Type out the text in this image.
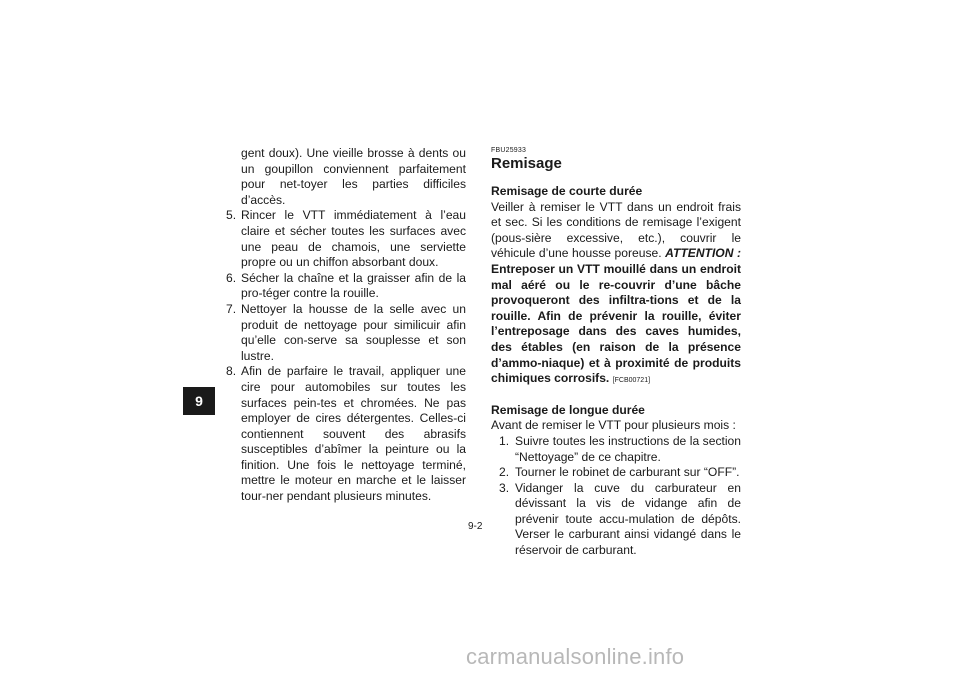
9
gent doux). Une vieille brosse à dents ou un goupillon conviennent parfaitement pour net-toyer les parties difficiles d’accès.
5. Rincer le VTT immédiatement à l’eau claire et sécher toutes les surfaces avec une peau de chamois, une serviette propre ou un chiffon absorbant doux.
6. Sécher la chaîne et la graisser afin de la pro-téger contre la rouille.
7. Nettoyer la housse de la selle avec un produit de nettoyage pour similicuir afin qu’elle con-serve sa souplesse et son lustre.
8. Afin de parfaire le travail, appliquer une cire pour automobiles sur toutes les surfaces pein-tes et chromées. Ne pas employer de cires détergentes. Celles-ci contiennent souvent des abrasifs susceptibles d’abîmer la peinture ou la finition. Une fois le nettoyage terminé, mettre le moteur en marche et le laisser tour-ner pendant plusieurs minutes.
FBU25933
Remisage
Remisage de courte durée
Veiller à remiser le VTT dans un endroit frais et sec. Si les conditions de remisage l’exigent (pous-sière excessive, etc.), couvrir le véhicule d’une housse poreuse. ATTENTION : Entreposer un VTT mouillé dans un endroit mal aéré ou le re-couvrir d’une bâche provoqueront des infiltra-tions et de la rouille. Afin de prévenir la rouille, éviter l’entreposage dans des caves humides, des étables (en raison de la présence d’ammo-niaque) et à proximité de produits chimiques corrosifs. [FCB00721]
Remisage de longue durée
Avant de remiser le VTT pour plusieurs mois :
1. Suivre toutes les instructions de la section “Nettoyage” de ce chapitre.
2. Tourner le robinet de carburant sur “OFF”.
3. Vidanger la cuve du carburateur en dévissant la vis de vidange afin de prévenir toute accu-mulation de dépôts. Verser le carburant ainsi vidangé dans le réservoir de carburant.
9-2
carmanualsonline.info
